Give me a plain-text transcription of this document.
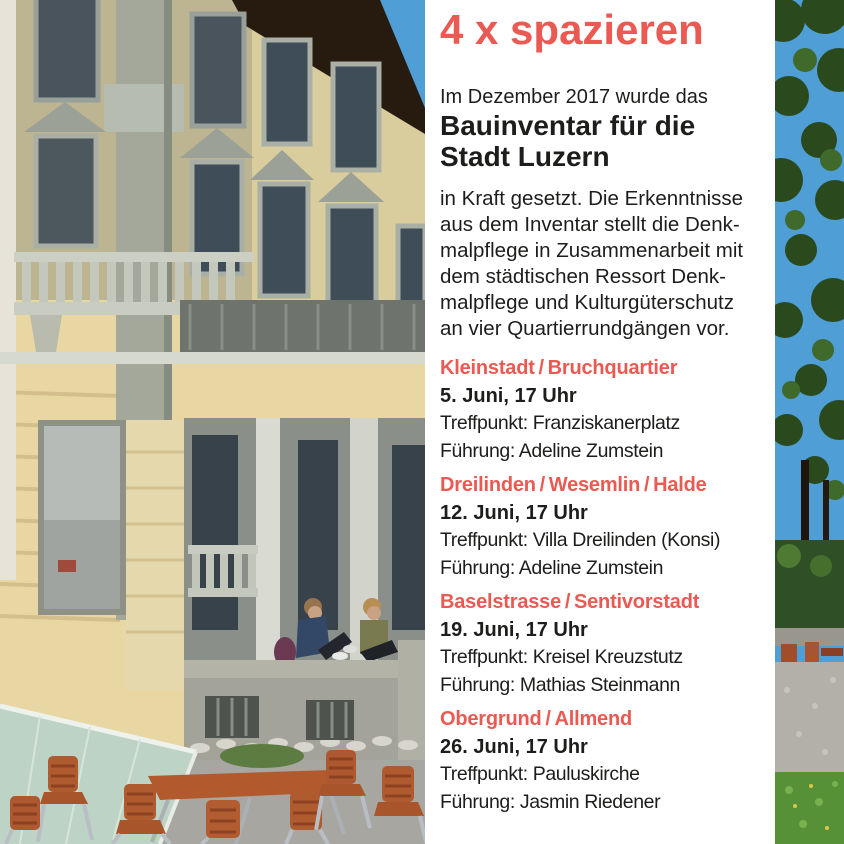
4 x spazieren

Im Dezember 2017 wurde das

Bauinventar für die
Stadt Luzern
in Kraft gesetzt. Die Erkenntnisse
aus dem Inventar stellt die Denk-
malpflege in Zusammenarbeit mit
dem städtischen Ressort Denk-
malpflege und Kulturgüterschutz
an vier Quartierrundgängen vor.
Kleinstadt / Bruchquartier
5. Juni, 17 Uhr
Treffpunkt: Franziskanerplatz
Führung: Adeline Zumstein
Dreilinden / Wesemlin / Halde
12. Juni, 17 Uhr
Treffpunkt: Villa Dreilinden (Konsi)
Führung: Adeline Zumstein
Baselstrasse / Sentivorstadt
19. Juni, 17 Uhr
Treffpunkt: Kreisel Kreuzstutz
Führung: Mathias Steinmann
Obergrund / Allmend
26. Juni, 17 Uhr
Treffpunkt: Pauluskirche
Führung: Jasmin Riedener
